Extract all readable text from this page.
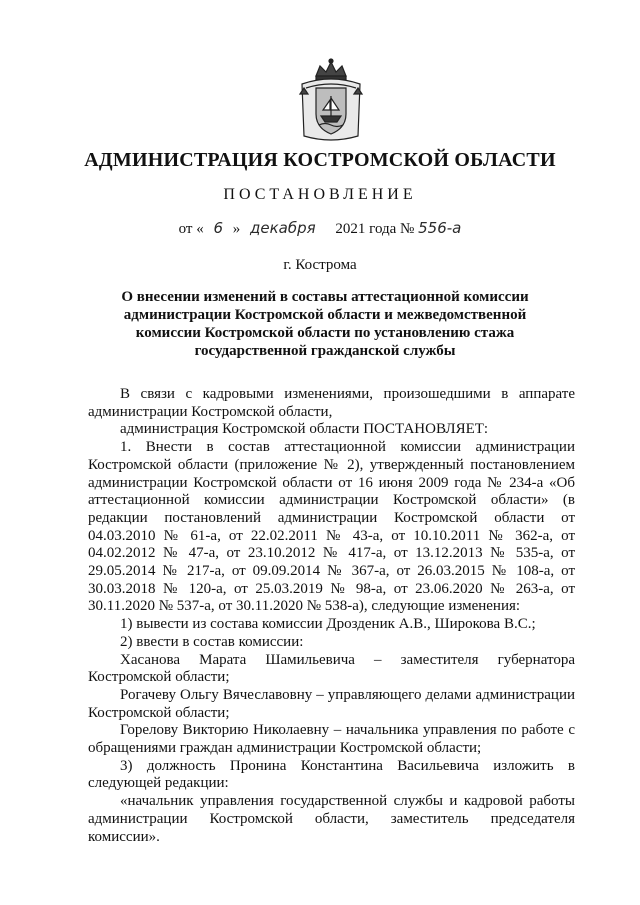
АДМИНИСТРАЦИЯ КОСТРОМСКОЙ ОБЛАСТИ
ПОСТАНОВЛЕНИЕ
от « 6 » декабря 2021 года № 556-а
г. Кострома
О внесении изменений в составы аттестационной комиссии администрации Костромской области и межведомственной комиссии Костромской области по установлению стажа государственной гражданской службы

В связи с кадровыми изменениями, произошедшими в аппарате администрации Костромской области,

администрация Костромской области ПОСТАНОВЛЯЕТ:

1. Внести в состав аттестационной комиссии администрации Костромской области (приложение № 2), утвержденный постановлением администрации Костромской области от 16 июня 2009 года № 234-а «Об аттестационной комиссии администрации Костромской области» (в редакции постановлений администрации Костромской области от 04.03.2010 № 61-а, от 22.02.2011 № 43-а, от 10.10.2011 № 362-а, от 04.02.2012 № 47-а, от 23.10.2012 № 417-а, от 13.12.2013 № 535-а, от 29.05.2014 № 217-а, от 09.09.2014 № 367-а, от 26.03.2015 № 108-а, от 30.03.2018 № 120-а, от 25.03.2019 № 98-а, от 23.06.2020 № 263-а, от 30.11.2020 № 537-а, от 30.11.2020 № 538-а), следующие изменения:

1) вывести из состава комиссии Дрозденик А.В., Широкова В.С.;

2) ввести в состав комиссии:

Хасанова Марата Шамильевича – заместителя губернатора Костромской области;

Рогачеву Ольгу Вячеславовну – управляющего делами администрации Костромской области;

Горелову Викторию Николаевну – начальника управления по работе с обращениями граждан администрации Костромской области;

3) должность Пронина Константина Васильевича изложить в следующей редакции:

«начальник управления государственной службы и кадровой работы администрации Костромской области, заместитель председателя комиссии».
